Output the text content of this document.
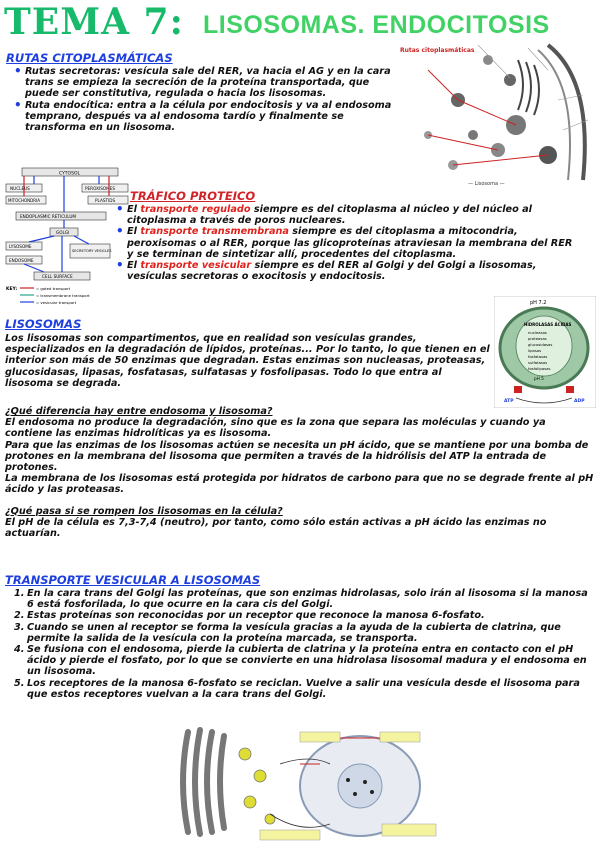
TEMA 7: LISOSOMAS. ENDOCITOSIS
RUTAS CITOPLASMÁTICAS
• Rutas secretoras: vesícula sale del RER, va hacia el AG y en la cara trans se empieza la secreción de la proteína transportada, que puede ser constitutiva, regulada o hacia los lisosomas.
• Ruta endocítica: entra a la célula por endocitosis y va al endosoma temprano, después va al endosoma tardío y finalmente se transforma en un lisosoma.
Rutas citoplasmáticas
— Lisosoma —
CYTOSOL
NUCLEUS	PEROXISOMES
MITOCHONDRIA	PLASTIDS
ENDOPLASMIC RETICULUM
GOLGI
LYSOSOME
SECRETORY VESICLES
ENDOSOME
CELL SURFACE
KEY:	= gated transport
= transmembrane transport
= vesicular transport
TRÁFICO PROTEICO
• El transporte regulado siempre es del citoplasma al núcleo y del núcleo al citoplasma a través de poros nucleares.
• El transporte transmembrana siempre es del citoplasma a mitocondria, peroxisomas o al RER, porque las glicoproteínas atraviesan la membrana del RER y se terminan de sintetizar allí, procedentes del citoplasma.
• El transporte vesicular siempre es del RER al Golgi y del Golgi a lisosomas, vesículas secretoras o exocitosis y endocitosis.
pH 7.2
HIDROLASAS ÁCIDAS
nucleasas
proteasas
glucosidasas
lipasas
fosfatasas
sulfatasas
fosfolipasas
pH 5
ATP	ADP
LISOSOMAS

Los lisosomas son compartimentos, que en realidad son vesículas grandes, especializados en la degradación de lípidos, proteínas... Por lo tanto, lo que tienen en el interior son más de 50 enzimas que degradan. Estas enzimas son nucleasas, proteasas, glucosidasas, lipasas, fosfatasas, sulfatasas y fosfolipasas. Todo lo que entra al lisosoma se degrada.

¿Qué diferencia hay entre endosoma y lisosoma?

El endosoma no produce la degradación, sino que es la zona que separa las moléculas y cuando ya contiene las enzimas hidrolíticas ya es lisosoma.

Para que las enzimas de los lisosomas actúen se necesita un pH ácido, que se mantiene por una bomba de protones en la membrana del lisosoma que permiten a través de la hidrólisis del ATP la entrada de protones.

La membrana de los lisosomas está protegida por hidratos de carbono para que no se degrade frente al pH ácido y las proteasas.

¿Qué pasa si se rompen los lisosomas en la célula?

El pH de la célula es 7,3-7,4 (neutro), por tanto, como sólo están activas a pH ácido las enzimas no actuarían.

TRANSPORTE VESICULAR A LISOSOMAS
En la cara trans del Golgi las proteínas, que son enzimas hidrolasas, solo irán al lisosoma si la manosa 6 está fosforilada, lo que ocurre en la cara cis del Golgi.
Estas proteínas son reconocidas por un receptor que reconoce la manosa 6-fosfato.
Cuando se unen al receptor se forma la vesícula gracias a la ayuda de la cubierta de clatrina, que permite la salida de la vesícula con la proteína marcada, se transporta.
Se fusiona con el endosoma, pierde la cubierta de clatrina y la proteína entra en contacto con el pH ácido y pierde el fosfato, por lo que se convierte en una hidrolasa lisosomal madura y el endosoma en un lisosoma.
Los receptores de la manosa 6-fosfato se reciclan. Vuelve a salir una vesícula desde el lisosoma para que estos receptores vuelvan a la cara trans del Golgi.
